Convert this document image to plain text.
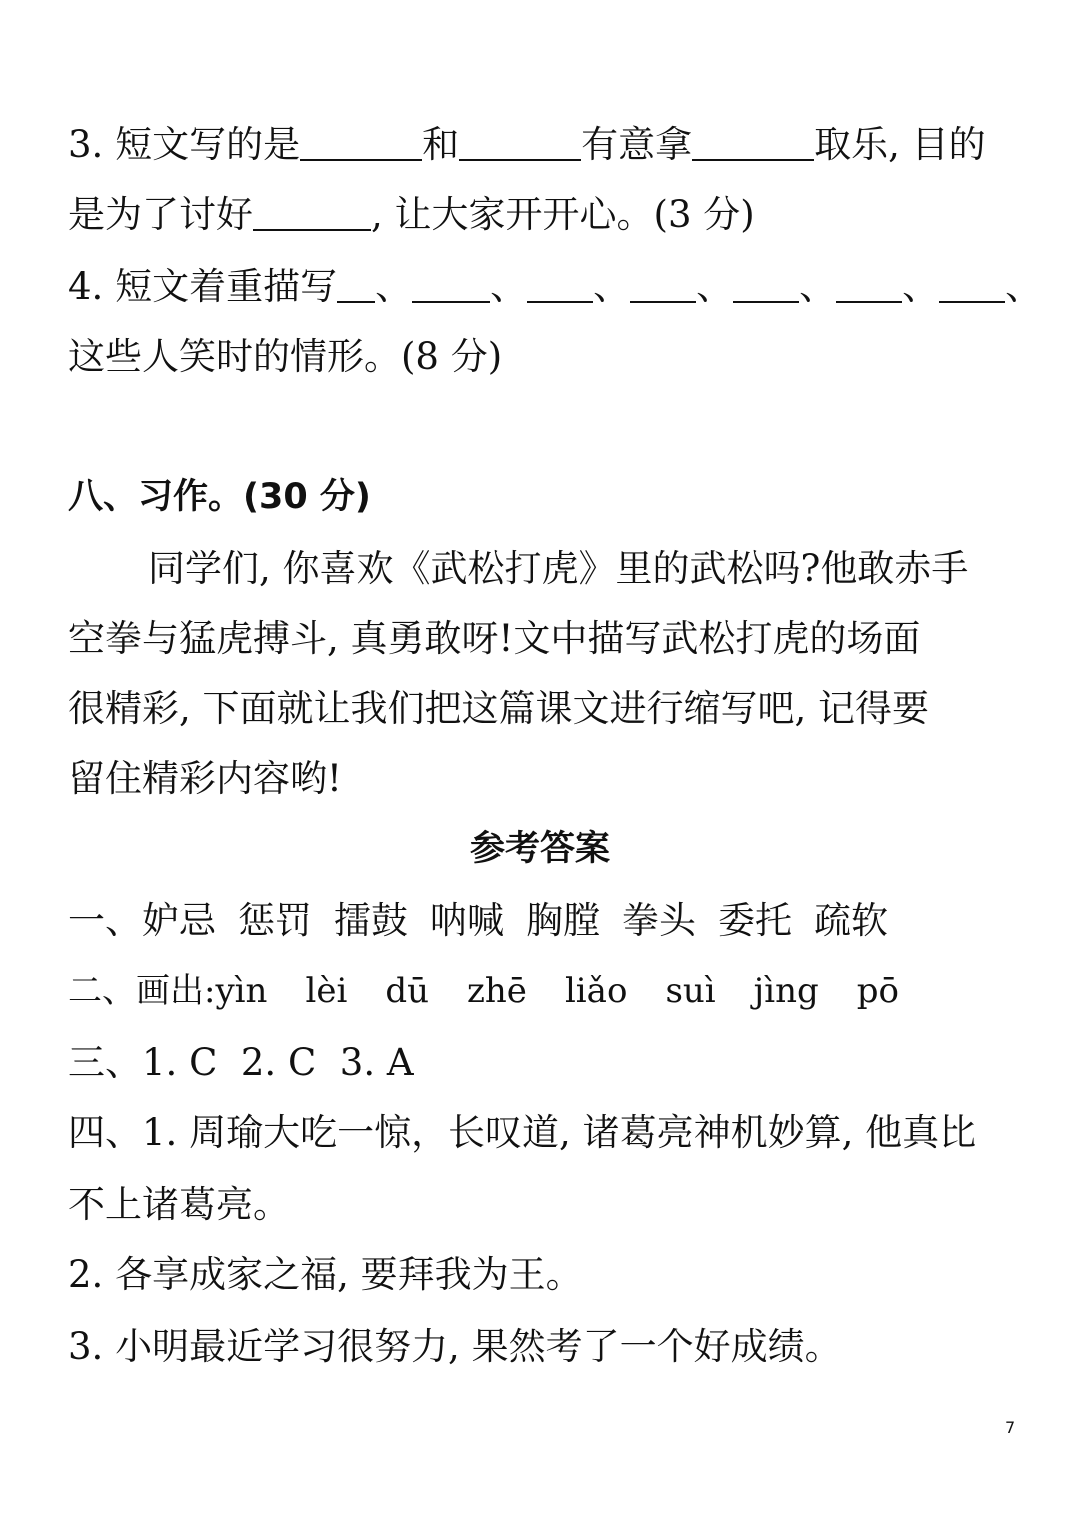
3. 短文写的是	和	有意拿	取乐, 目的
是为了讨好	, 让大家开开心。(3 分)
4. 短文着重描写 、 、 、 、 、 、 、
这些人笑时的情形。(8 分)
八、习作。(30 分)
同学们, 你喜欢《武松打虎》里的武松吗?他敢赤手
空拳与猛虎搏斗, 真勇敢呀!文中描写武松打虎的场面
很精彩, 下面就让我们把这篇课文进行缩写吧, 记得要
留住精彩内容哟!
参考答案
一、妒忌 惩罚 擂鼓 呐喊 胸膛 拳头 委托 疏软
二、画出:yìn lèi dū zhē liǎo suì jìng pō
三、1. C  2. C  3. A
四、1. 周瑜大吃一惊，长叹道, 诸葛亮神机妙算, 他真比
不上诸葛亮。
2. 各享成家之福, 要拜我为王。
3. 小明最近学习很努力, 果然考了一个好成绩。
7
